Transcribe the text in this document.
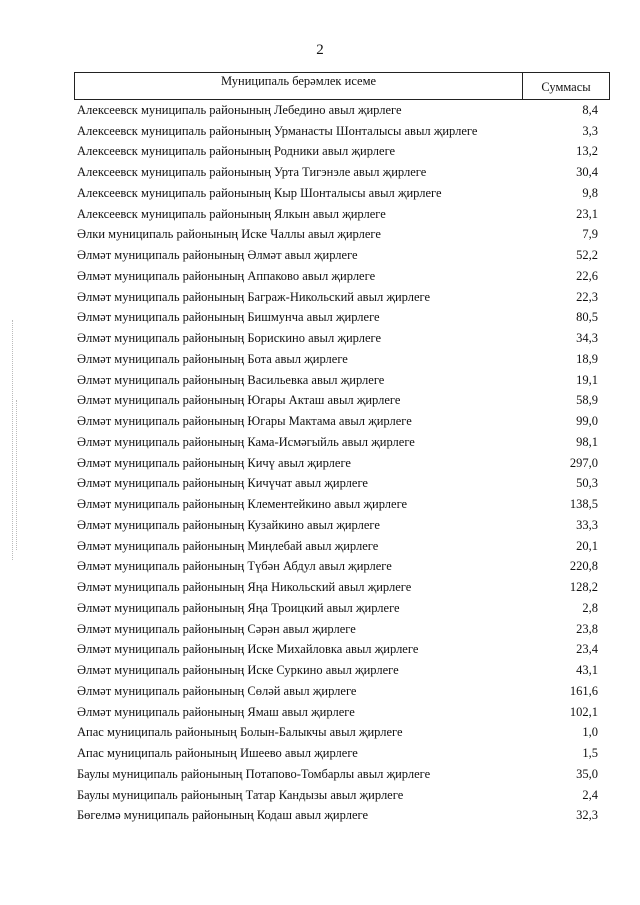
2
Муниципаль берәмлек исеме	Суммасы
Алексеевск муниципаль районының Лебедино авыл җирлеге	8,4
Алексеевск муниципаль районының Урманасты Шонталысы авыл җирлеге	3,3
Алексеевск муниципаль районының Родники авыл җирлеге	13,2
Алексеевск муниципаль районының Урта Тигэнэле авыл җирлеге	30,4
Алексеевск муниципаль районының Кыр Шонталысы авыл җирлеге	9,8
Алексеевск муниципаль районының Ялкын авыл җирлеге	23,1
Әлки муниципаль районының Иске Чаллы авыл җирлеге	7,9
Әлмәт муниципаль районының Әлмәт авыл җирлеге	52,2
Әлмәт муниципаль районының Аппаково авыл җирлеге	22,6
Әлмәт муниципаль районының Баграж-Никольский авыл җирлеге	22,3
Әлмәт муниципаль районының Бишмунча авыл җирлеге	80,5
Әлмәт муниципаль районының Борискино авыл җирлеге	34,3
Әлмәт муниципаль районының Бота авыл җирлеге	18,9
Әлмәт муниципаль районының Васильевка авыл җирлеге	19,1
Әлмәт муниципаль районының Югары Акташ авыл җирлеге	58,9
Әлмәт муниципаль районының Югары Мактама авыл җирлеге	99,0
Әлмәт муниципаль районының Кама-Исмәгыйль авыл җирлеге	98,1
Әлмәт муниципаль районының Кичү авыл җирлеге	297,0
Әлмәт муниципаль районының Кичүчат авыл җирлеге	50,3
Әлмәт муниципаль районының Клементейкино авыл җирлеге	138,5
Әлмәт муниципаль районының Кузайкино авыл җирлеге	33,3
Әлмәт муниципаль районының Миңлебай авыл җирлеге	20,1
Әлмәт муниципаль районының Түбән Абдул авыл җирлеге	220,8
Әлмәт муниципаль районының Яңа Никольский авыл җирлеге	128,2
Әлмәт муниципаль районының Яңа Троицкий авыл җирлеге	2,8
Әлмәт муниципаль районының Сәрән авыл җирлеге	23,8
Әлмәт муниципаль районының Иске Михайловка авыл җирлеге	23,4
Әлмәт муниципаль районының Иске Суркино авыл җирлеге	43,1
Әлмәт муниципаль районының Сөләй авыл җирлеге	161,6
Әлмәт муниципаль районының Ямаш авыл җирлеге	102,1
Апас муниципаль районының Болын-Балыкчы авыл җирлеге	1,0
Апас муниципаль районының Ишеево авыл җирлеге	1,5
Баулы муниципаль районының Потапово-Томбарлы авыл җирлеге	35,0
Баулы муниципаль районының Татар Кандызы авыл җирлеге	2,4
Бөгелмә муниципаль районының Кодаш авыл җирлеге	32,3
